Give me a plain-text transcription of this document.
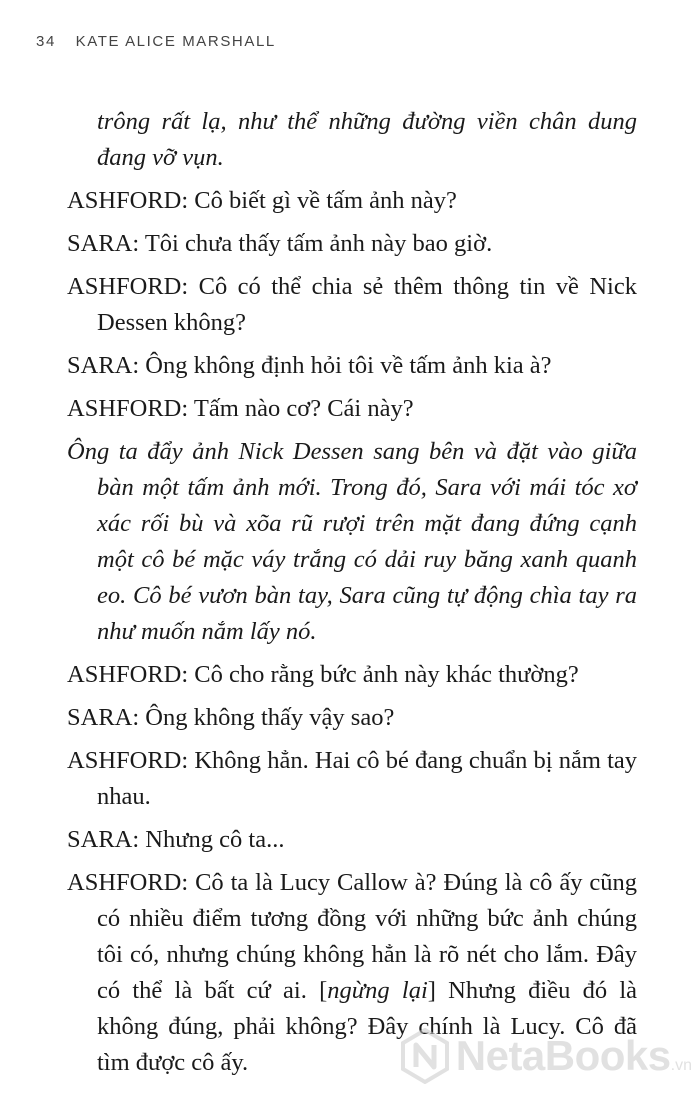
34 KATE ALICE MARSHALL

trông rất lạ, như thể những đường viền chân dung đang vỡ vụn.

ASHFORD: Cô biết gì về tấm ảnh này?

SARA: Tôi chưa thấy tấm ảnh này bao giờ.

ASHFORD: Cô có thể chia sẻ thêm thông tin về Nick Dessen không?

SARA: Ông không định hỏi tôi về tấm ảnh kia à?

ASHFORD: Tấm nào cơ? Cái này?

Ông ta đẩy ảnh Nick Dessen sang bên và đặt vào giữa bàn một tấm ảnh mới. Trong đó, Sara với mái tóc xơ xác rối bù và xõa rũ rượi trên mặt đang đứng cạnh một cô bé mặc váy trắng có dải ruy băng xanh quanh eo. Cô bé vươn bàn tay, Sara cũng tự động chìa tay ra như muốn nắm lấy nó.

ASHFORD: Cô cho rằng bức ảnh này khác thường?

SARA: Ông không thấy vậy sao?

ASHFORD: Không hẳn. Hai cô bé đang chuẩn bị nắm tay nhau.

SARA: Nhưng cô ta...

ASHFORD: Cô ta là Lucy Callow à? Đúng là cô ấy cũng có nhiều điểm tương đồng với những bức ảnh chúng tôi có, nhưng chúng không hẳn là rõ nét cho lắm. Đây có thể là bất cứ ai. [ngừng lại] Nhưng điều đó là không đúng, phải không? Đây chính là Lucy. Cô đã tìm được cô ấy.	NetaBooks.vn
